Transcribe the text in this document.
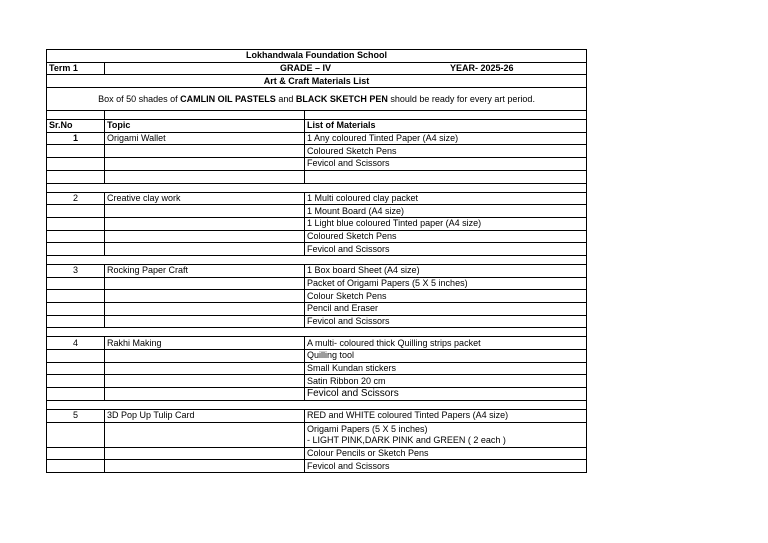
Lokhandwala Foundation School		
Term 1	GRADE – IV YEAR- 2025-26	

Art & Craft Materials List		
Box of 50 shades of CAMLIN OIL PASTELS and BLACK SKETCH PEN should be ready for every art period.		

Sr.No	Topic	List of Materials
1	Origami Wallet	1 Any coloured Tinted Paper (A4 size)
		Coloured Sketch Pens
		Fevicol and Scissors

2	Creative clay work	1 Multi coloured clay packet
		1 Mount Board (A4 size)
		1 Light blue coloured Tinted paper (A4 size)
		Coloured Sketch Pens
		Fevicol and Scissors

3	Rocking Paper Craft	1 Box board Sheet (A4 size)
		Packet of Origami Papers (5 X 5 inches)
		Colour Sketch Pens
		Pencil and Eraser
		Fevicol and Scissors

4	Rakhi Making	A multi- coloured thick Quilling strips packet
		Quilling tool
		Small Kundan stickers
		Satin Ribbon 20 cm
		Fevicol and Scissors

5	3D Pop Up Tulip Card	RED and WHITE coloured Tinted Papers (A4 size)
		Origami Papers (5 X 5 inches)
- LIGHT PINK,DARK PINK and GREEN ( 2 each )
		Colour Pencils or Sketch Pens
		Fevicol and Scissors
